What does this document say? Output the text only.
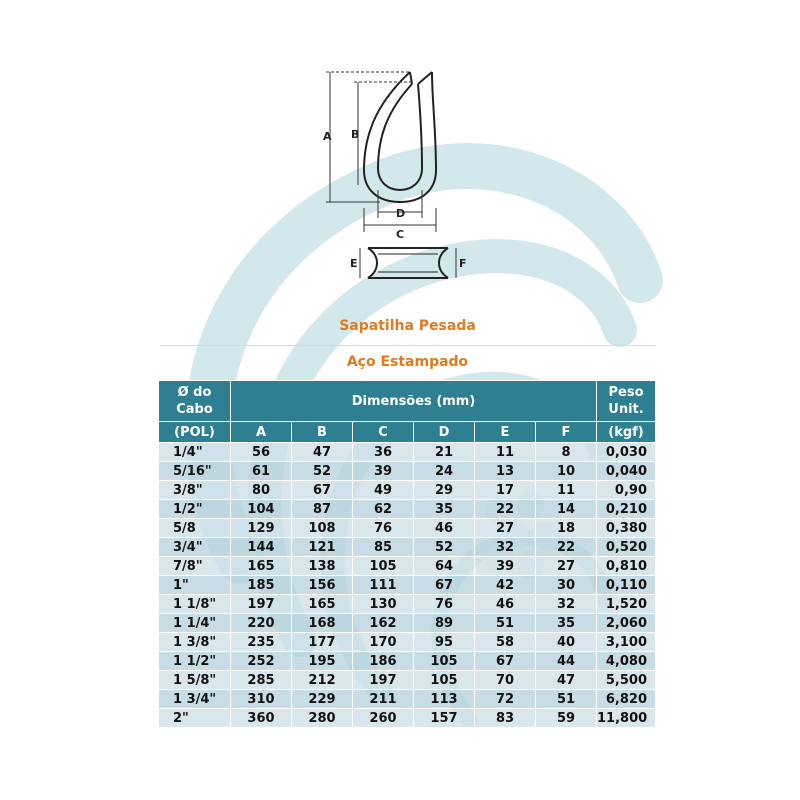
A B
C
D
E	F
Sapatilha Pesada
Aço Estampado
Ø do Cabo	Dimensões (mm)						Peso Unit.
(POL)	A	B	C	D	E	F	(kgf)
1/4"	56	47	36	21	11	8	0,030
5/16"	61	52	39	24	13	10	0,040
3/8"	80	67	49	29	17	11	0,90
1/2"	104	87	62	35	22	14	0,210
5/8	129	108	76	46	27	18	0,380
3/4"	144	121	85	52	32	22	0,520
7/8"	165	138	105	64	39	27	0,810
1"	185	156	111	67	42	30	0,110
1 1/8"	197	165	130	76	46	32	1,520
1 1/4"	220	168	162	89	51	35	2,060
1 3/8"	235	177	170	95	58	40	3,100
1 1/2"	252	195	186	105	67	44	4,080
1 5/8"	285	212	197	105	70	47	5,500
1 3/4"	310	229	211	113	72	51	6,820
2"	360	280	260	157	83	59	11,800
